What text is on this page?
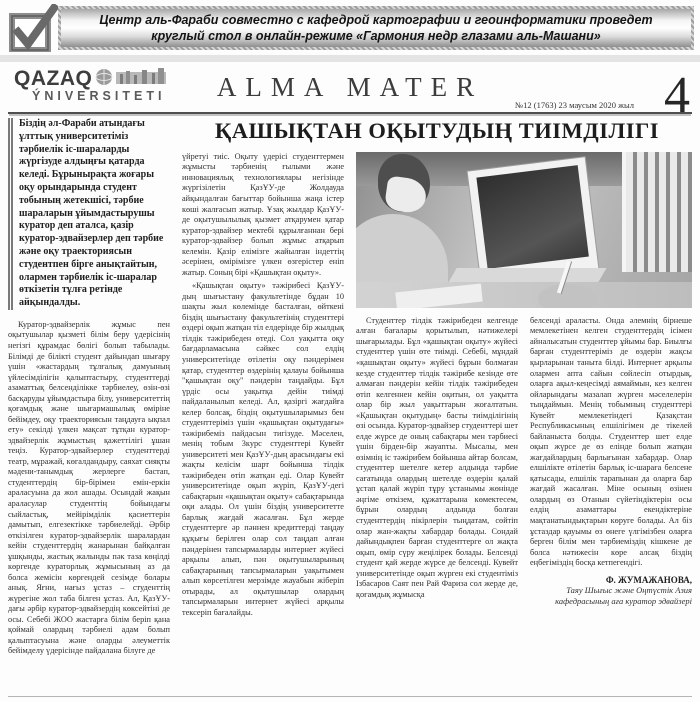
Центр аль-Фараби совместно с кафедрой картографии и геоинформатики проведет круглый стол в онлайн-режиме «Гармония недр глазами аль-Машани»
QAZAQ
ÝNIVERSITETI	ALMA MATER
№12 (1763) 23 маусым 2020 жыл 4
Біздің әл-Фараби атындағы ұлттық университетіміз тәрбиелік іс-шараларды жүргізуде алдыңғы қатарда келеді. Бұрынырақта жоғары оқу орындарында студент тобының жетекшісі, тәрбие шараларын ұйымдастырушы куратор деп аталса, қазір куратор-эдвайзерлер деп тәрбие және оқу траекториясын студентпен бірге анықтайтын, олармен тәрбиелік іс-шаралар өткізетін тұлға ретінде айқындалды.

Куратор-эдвайзерлік жұмыс пен оқытушылар қызметі білім беру үдерісінің негізгі құрамдас бөлігі болып табылады. Білімді де білікті студент дайындап шығару үшін «жастардың тұлғалық дамуының үйлесімділігін қалыптастыру, студенттерді азаматтық белсенділікке тәрбиелеу, өзін-өзі басқаруды ұйымдастыра білу, университеттің қоғамдық және шығармашылық өміріне бейімдеу, оқу траекториясын таңдауға ықпал ету» секілді үлкен мақсат тұтқан куратор-эдвайзерлік жұмыстың қажеттілігі ұшан теңіз. Куратор-эдвайзерлер студенттерді театр, мұражай, көгалдандыру, саяхат сияқты мәдени-танымдық жерлерге бастап, студенттердің бір-бірімен емін-еркін араласуына да жол ашады. Осындай жақын араласулар студенттің бойындағы сыйластық, мейірімділік қасиеттерін дамытып, елгезектікке тәрбиелейді. Әрбір өткізілген куратор-эдвайзерлік шаралардан кейін студенттердің жанарынан байқалған ұшқынды, жастық жалынды пәк таза көңілді көргенде кураторлық жұмысының аз да болса жемісін көргендей сезімде болары анық. Яғни, нағыз ұстаз – студенттің жүрегіне жол таба білген ұстаз. Ал, ҚазҰУ-дағы әрбір куратор-эдвайзердің көксейтіні де осы. Себебі ЖОО жастарға білім беріп қана қоймай олардың тәрбиелі адам болып қалыптасуына және оларды әлеуметтік бейімделу үдерісінде пайдалана білуге де

ҚАШЫҚТАН ОҚЫТУДЫҢ ТИІМДІЛІГІ

үйретуі тиіс. Оқыту үдерісі студенттермен жұмысты тәрбиенің ғылыми және инновациялық технологиялары негізінде жүргізілетін ҚазҰУ-де Жолдауда айқындалған бағыттар бойынша жаңа істер көші жалғасып жатыр. Ұзақ жылдар ҚазҰУ-де оқытушылылық қызмет атқарумен қатар куратор-эдвайзер мектебі құрылғаннан бері куратор-эдвайзер болып жұмыс атқарып келемін. Қазір елімізге жайылған індеттің әсерінен, өмірімізге үлкен өзгерістер еніп жатыр. Соның бірі «Қашықтан оқыту».

«Қашықтан оқыту» тәжірибесі ҚазҰУ-дың шығыстану факультетінде бұдан 10 шақты жыл көлемінде басталған, өйткені біздің шығыстану факультетінің студенттері өздері оқып жатқан тіл елдерінде бір жылдық тілдік тәжірибеден өтеді. Сол уақытта оқу бағдарламасына сәйкес сол елдің университетінде өтілетін оқу пәндерімен қатар, студенттер өздерінің қалауы бойынша "қашықтан оқу" пәндерін таңдайды. Бұл үрдіс осы уақытқа дейін тиімді пайдаланылып келеді. Ал, қазіргі жағдайға келер болсақ, біздің оқытушыларымыз бен студенттеріміз үшін «қашықтан оқытудағы» тәжірибеміз пайдасын тигізуде. Мәселен, менің тобым 3курс студенттері Кувейт университеті мен ҚазҰУ-дың арасындағы екі жақты келісім шарт бойынша тілдік тәжірибеден өтіп жатқан еді. Олар Кувейт университетінде оқып жүріп, ҚазҰУ-дегі сабақтарын «қашықтан оқыту» сабақтарында оқи алады. Ол үшін біздің университетте барлық жағдай жасалған. Бұл жерде студенттерге әр пәннен кредиттерді таңдау құқығы берілген олар сол таңдап алған пәндерінен тапсырмаларды интернет жүйесі арқылы алып, пән оқытушыларының сабақтарының тапсырмаларын уақытымен алып көрсетілген мерзімде жауабын жіберіп отырады, ал оқытушылар олардың тапсырмаларын интернет жүйесі арқылы тексеріп бағалайды.

Студенттер тілдік тәжірибеден келгенде алған бағалары қорытылып, нәтижелері шығарылады. Бұл «қашықтан оқыту» жүйесі студенттер үшін өте тиімді. Себебі, мұндай «қашықтан оқыту» жүйесі бұрын болмаған кезде студенттер тілдік тәжірибе кезінде өте алмаған пәндерін кейін тілдік тәжірибеден өтіп келгеннен кейін оқитын, ол уақытта олар бір жыл уақыттарын жоғалтатын. «Қашықтан оқытудың» басты тиімділігінің өзі осында. Куратор-эдвайзер студенттері шет елде жүрсе де оның сабақтары мен тәрбиесі үшін бірден-бір жауапты. Мысалы, мен өзімнің іс тәжірибем бойынша айтар болсам, студенттер шетелге кетер алдында тәрбие сағатында олардың шетелде өздерін қалай ұстап қалай жүріп тұру ұстанымы жөнінде әңгіме өткізем, құжаттарына көмектесем, бұрын олардың алдында болған студенттердің пікірлерін тыңдатам, сөйтіп олар жан-жақты хабардар болады. Сондай дайындықпен барған студенттерге ол жақта оқып, өмір сүру жеңілірек болады. Белсенді студент қай жерде жүрсе де белсенді. Кувейт университетінде оқып жүрген екі студентіміз Ізбасаров Саят пен Рай Фариза сол жерде де, қоғамдық жұмысқа

белсенді араласты. Онда әлемнің бірнеше мемлекетінен келген студенттердің ісімен айналысатын студенттер ұйымы бар. Биылғы барған студенттеріміз де өздерін жақсы қырларынан таныта білді. Интернет арқылы олармен апта сайын сөйлесіп отырдық, оларға ақыл-кеңесімді аямаймын, кез келген ойларындағы мазалап жүрген мәселелерін тыңдаймын. Менің тобымның студенттері Кувейт мемлекетіндегі Қазақстан Республикасының елшілігімен де тікелей байланыста болды. Студенттер шет елде оқып жүрсе де өз елінде болып жатқан жағдайлардың барлығынан хабардар. Олар елшілікте өтілетін барлық іс-шараға белсене қатысады, елшілік тарапынан да оларға бар жағдай жасалған. Міне осының өзінен олардың өз Отанын сүйетіндіктерін осы елдің азаматтары екендіктеріне мақтанатындықтарын көруге болады. Ал біз ұстаздар қауымы өз өнеге үлгімізбен оларға берген білім мен тәрбиеміздің кішкене де болса нәтижесін көре алсақ біздің еңбегіміздің босқа кетпегендігі.

Ф. ЖУМАЖАНОВА,
Таяу Шығыс және Оңтүстік Азия кафедрасының аға куратор эдвайзері
